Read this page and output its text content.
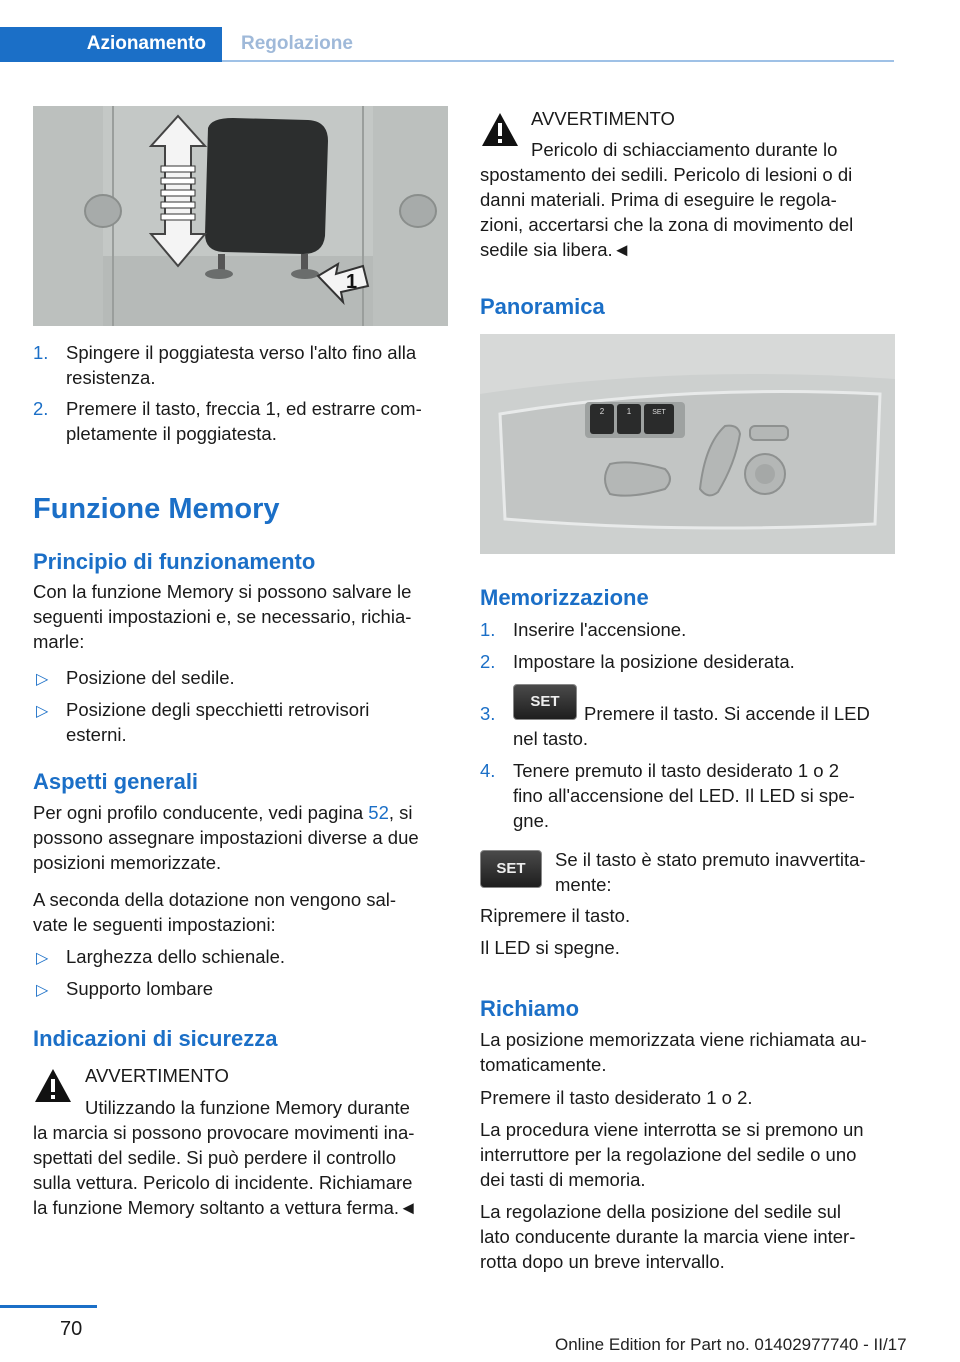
Azionamento Regolazione
1
1. Spingere il poggiatesta verso l'alto fino alla
resistenza.
2. Premere il tasto, freccia 1, ed estrarre com‐
pletamente il poggiatesta.
Funzione Memory
Principio di funzionamento
Con la funzione Memory si possono salvare le
seguenti impostazioni e, se necessario, richia‐
marle:
▷ Posizione del sedile.
▷ Posizione degli specchietti retrovisori
esterni.
Aspetti generali
Per ogni profilo conducente, vedi pagina 52, si
possono assegnare impostazioni diverse a due
posizioni memorizzate.
A seconda della dotazione non vengono sal‐
vate le seguenti impostazioni:
▷ Larghezza dello schienale.
▷ Supporto lombare
Indicazioni di sicurezza
AVVERTIMENTO
Utilizzando la funzione Memory durante
la marcia si possono provocare movimenti ina‐
spettati del sedile. Si può perdere il controllo
sulla vettura. Pericolo di incidente. Richiamare
la funzione Memory soltanto a vettura ferma.◄
AVVERTIMENTO
Pericolo di schiacciamento durante lo
spostamento dei sedili. Pericolo di lesioni o di
danni materiali. Prima di eseguire le regola‐
zioni, accertarsi che la zona di movimento del
sedile sia libera.◄
Panoramica
2	1	SET
Memorizzazione
1. Inserire l'accensione.
2. Impostare la posizione desiderata.
3.
SET
Premere il tasto. Si accende il LED
nel tasto.
4. Tenere premuto il tasto desiderato 1 o 2
fino all'accensione del LED. Il LED si spe‐
gne.
SET	Se il tasto è stato premuto inavvertita‐
mente:
Ripremere il tasto.
Il LED si spegne.
Richiamo
La posizione memorizzata viene richiamata au‐
tomaticamente.
Premere il tasto desiderato 1 o 2.
La procedura viene interrotta se si premono un
interruttore per la regolazione del sedile o uno
dei tasti di memoria.
La regolazione della posizione del sedile sul
lato conducente durante la marcia viene inter‐
rotta dopo un breve intervallo.
70
Online Edition for Part no. 01402977740 - II/17
